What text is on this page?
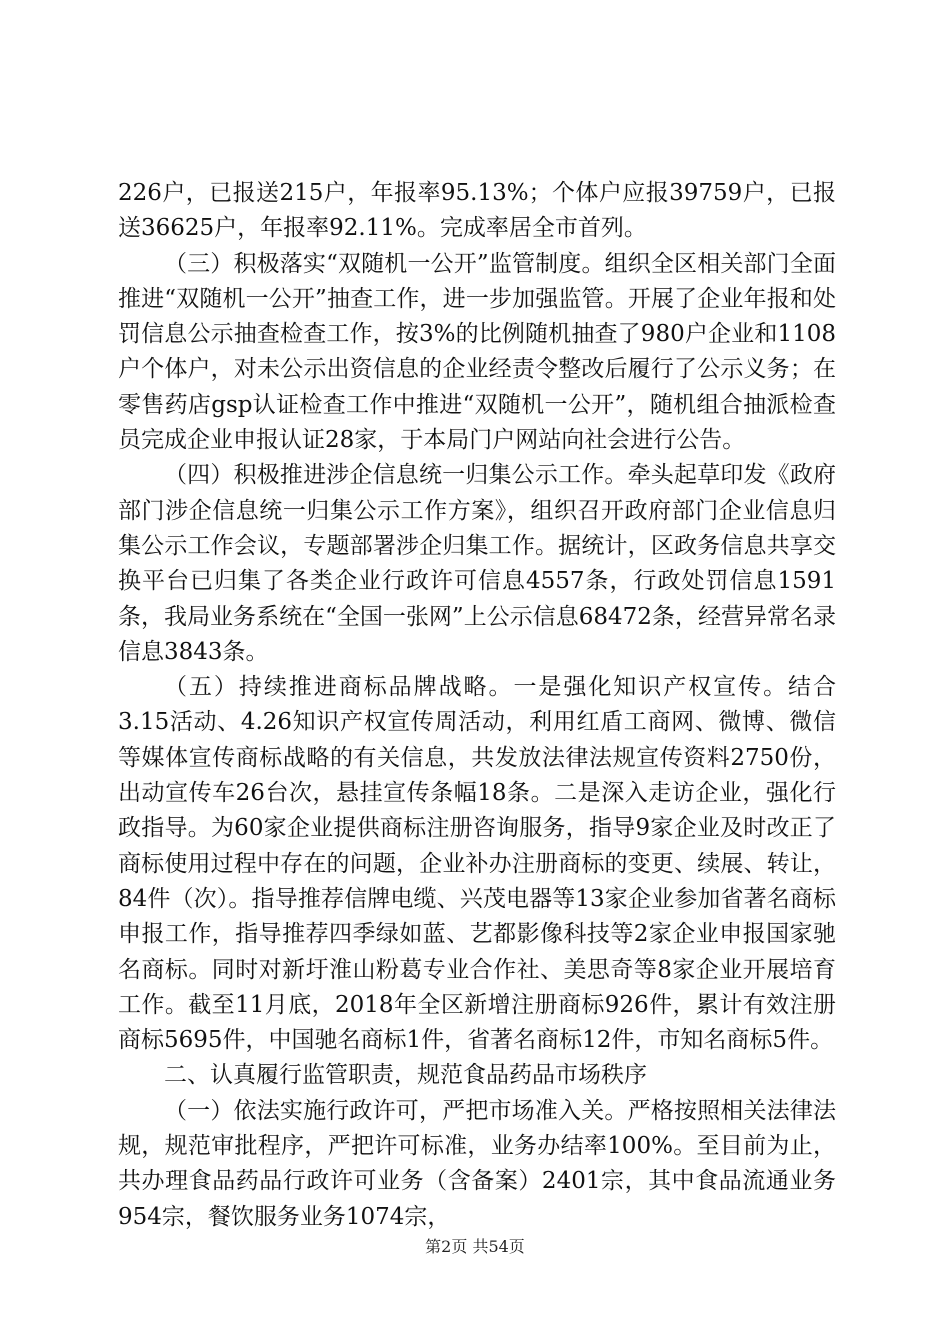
226户，已报送215户，年报率95.13%；个体户应报39759户，已报送36625户，年报率92.11%。完成率居全市首列。

（三）积极落实“双随机一公开”监管制度。组织全区相关部门全面推进“双随机一公开”抽查工作，进一步加强监管。开展了企业年报和处罚信息公示抽查检查工作，按3%的比例随机抽查了980户企业和1108户个体户，对未公示出资信息的企业经责令整改后履行了公示义务；在零售药店gsp认证检查工作中推进“双随机一公开”，随机组合抽派检查员完成企业申报认证28家，于本局门户网站向社会进行公告。

（四）积极推进涉企信息统一归集公示工作。牵头起草印发《政府部门涉企信息统一归集公示工作方案》，组织召开政府部门企业信息归集公示工作会议，专题部署涉企归集工作。据统计，区政务信息共享交换平台已归集了各类企业行政许可信息4557条，行政处罚信息1591条，我局业务系统在“全国一张网”上公示信息68472条，经营异常名录信息3843条。

（五）持续推进商标品牌战略。一是强化知识产权宣传。结合3.15活动、4.26知识产权宣传周活动，利用红盾工商网、微博、微信等媒体宣传商标战略的有关信息，共发放法律法规宣传资料2750份，出动宣传车26台次，悬挂宣传条幅18条。二是深入走访企业，强化行政指导。为60家企业提供商标注册咨询服务，指导9家企业及时改正了商标使用过程中存在的问题，企业补办注册商标的变更、续展、转让，84件（次）。指导推荐信牌电缆、兴茂电器等13家企业参加省著名商标申报工作，指导推荐四季绿如蓝、艺都影像科技等2家企业申报国家驰名商标。同时对新圩淮山粉葛专业合作社、美思奇等8家企业开展培育工作。截至11月底，2018年全区新增注册商标926件，累计有效注册商标5695件，中国驰名商标1件，省著名商标12件，市知名商标5件。

二、认真履行监管职责，规范食品药品市场秩序

（一）依法实施行政许可，严把市场准入关。严格按照相关法律法规，规范审批程序，严把许可标准，业务办结率100%。至目前为止，共办理食品药品行政许可业务（含备案）2401宗，其中食品流通业务954宗，餐饮服务业务1074宗，

第2页 共54页
